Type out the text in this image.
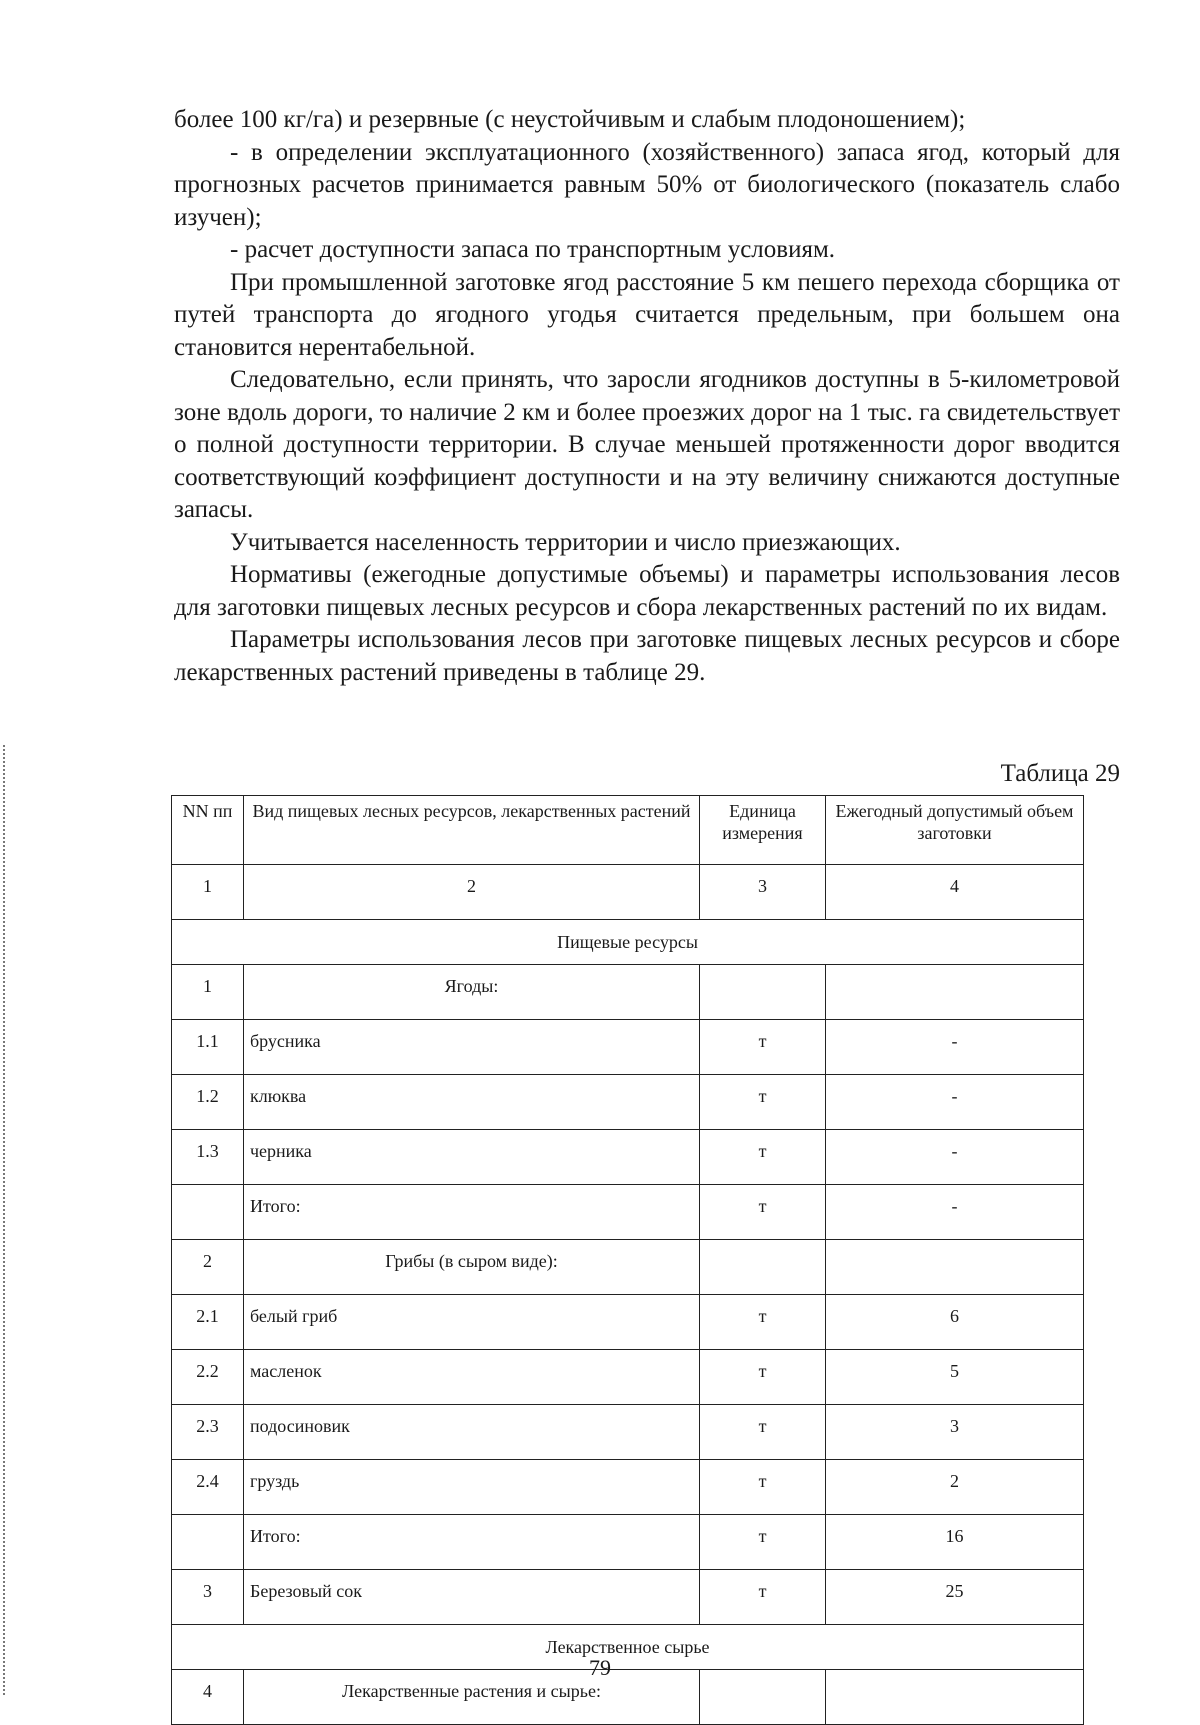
более 100 кг/га) и резервные (с неустойчивым и слабым плодоношением);

- в определении эксплуатационного (хозяйственного) запаса ягод, который для прогнозных расчетов принимается равным 50% от биологического (показатель слабо изучен);

- расчет доступности запаса по транспортным условиям.

При промышленной заготовке ягод расстояние 5 км пешего перехода сборщика от путей транспорта до ягодного угодья считается предельным, при большем она становится нерентабельной.

Следовательно, если принять, что заросли ягодников доступны в 5-километровой зоне вдоль дороги, то наличие 2 км и более проезжих дорог на 1 тыс. га свидетельствует о полной доступности территории. В случае меньшей протяженности дорог вводится соответствующий коэффициент доступности и на эту величину снижаются доступные запасы.

Учитывается населенность территории и число приезжающих.

Нормативы (ежегодные допустимые объемы) и параметры использования лесов для заготовки пищевых лесных ресурсов и сбора лекарственных растений по их видам.

Параметры использования лесов при заготовке пищевых лесных ресурсов и сборе лекарственных растений приведены в таблице 29.

Таблица 29
NN пп	Вид пищевых лесных ресурсов, лекарственных растений	Единица измерения	Ежегодный допустимый объем заготовки
1	2	3	4
Пищевые ресурсы			
1	Ягоды:		
1.1	брусника	т	-
1.2	клюква	т	-
1.3	черника	т	-
	Итого:	т	-
2	Грибы (в сыром виде):		
2.1	белый гриб	т	6
2.2	масленок	т	5
2.3	подосиновик	т	3
2.4	груздь	т	2
	Итого:	т	16
3	Березовый сок	т	25
Лекарственное сырье			
4	Лекарственные растения и сырье:		
79
